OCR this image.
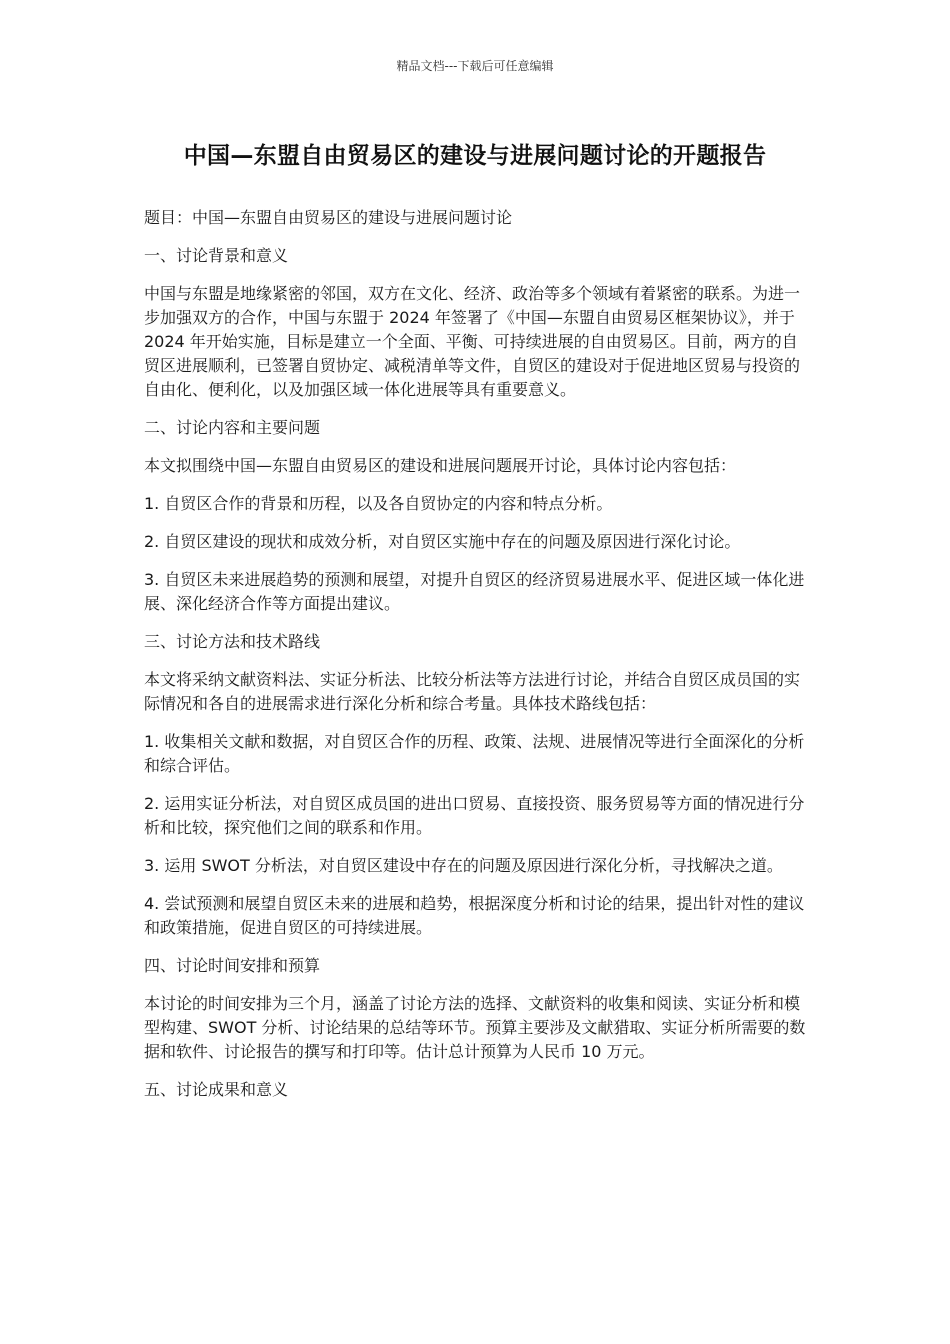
精品文档---下载后可任意编辑
中国—东盟自由贸易区的建设与进展问题讨论的开题报告

题目：中国—东盟自由贸易区的建设与进展问题讨论

一、讨论背景和意义

中国与东盟是地缘紧密的邻国，双方在文化、经济、政治等多个领域有着紧密的联系。为进一步加强双方的合作，中国与东盟于 2024 年签署了《中国—东盟自由贸易区框架协议》，并于 2024 年开始实施，目标是建立一个全面、平衡、可持续进展的自由贸易区。目前，两方的自贸区进展顺利，已签署自贸协定、减税清单等文件，自贸区的建设对于促进地区贸易与投资的自由化、便利化，以及加强区域一体化进展等具有重要意义。

二、讨论内容和主要问题

本文拟围绕中国—东盟自由贸易区的建设和进展问题展开讨论，具体讨论内容包括：

1. 自贸区合作的背景和历程，以及各自贸协定的内容和特点分析。

2. 自贸区建设的现状和成效分析，对自贸区实施中存在的问题及原因进行深化讨论。

3. 自贸区未来进展趋势的预测和展望，对提升自贸区的经济贸易进展水平、促进区域一体化进展、深化经济合作等方面提出建议。

三、讨论方法和技术路线

本文将采纳文献资料法、实证分析法、比较分析法等方法进行讨论，并结合自贸区成员国的实际情况和各自的进展需求进行深化分析和综合考量。具体技术路线包括：

1. 收集相关文献和数据，对自贸区合作的历程、政策、法规、进展情况等进行全面深化的分析和综合评估。

2. 运用实证分析法，对自贸区成员国的进出口贸易、直接投资、服务贸易等方面的情况进行分析和比较，探究他们之间的联系和作用。

3. 运用 SWOT 分析法，对自贸区建设中存在的问题及原因进行深化分析，寻找解决之道。

4. 尝试预测和展望自贸区未来的进展和趋势，根据深度分析和讨论的结果，提出针对性的建议和政策措施，促进自贸区的可持续进展。

四、讨论时间安排和预算

本讨论的时间安排为三个月，涵盖了讨论方法的选择、文献资料的收集和阅读、实证分析和模型构建、SWOT 分析、讨论结果的总结等环节。预算主要涉及文献猎取、实证分析所需要的数据和软件、讨论报告的撰写和打印等。估计总计预算为人民币 10 万元。

五、讨论成果和意义
